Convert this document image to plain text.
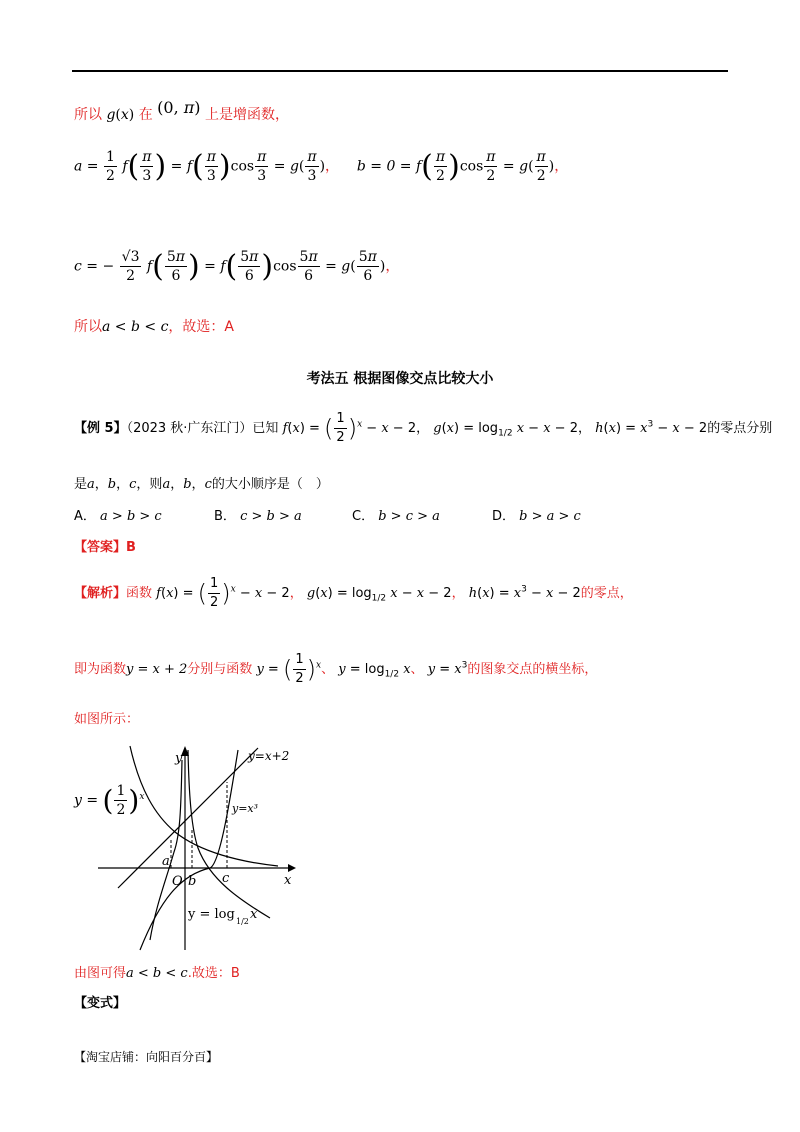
所以 g(x) 在 (0, π) 上是增函数，
$a = \frac{1}{2} f( \frac{\pi}{3}$ ) = $f( \frac{\pi}{3} )\cos \frac{\pi}{3} = g( \frac{\pi}{3}$ )，    $b = 0 = f( \frac{\pi}{2} )\cos \frac{\pi}{2} = g( \frac{\pi}{2}$ )，
c = − $\frac{√3}{2} f( \frac{5\pi}{6}$ ) = $f( \frac{5\pi}{6} )\cos \frac{5\pi}{6} = g( \frac{5\pi}{6}$ )，
所以a < b < c，故选：A
考法五 根据图像交点比较大小
【例 5】（2023 秋·广东江门）已知 f(x) = ( $\frac{1}{2} )^x - x - 2$， $g(x) = \log_{1/2} x - x - 2$， $h(x) = x^3 - x - 2$的零点分别
是a，b，c，则a，b，c的大小顺序是（　）
A． a > b > c	B． c > b > a	C． b > c > a	D． b > a > c
【答案】B
【解析】函数 f(x) = ( $\frac{1}{2} )^x - x - 2$， $g(x) = \log_{1/2} x - x - 2$， $h(x) = x^3 - x - 2$的零点，
即为函数y = x + 2分别与函数 y = ( $\frac{1}{2} )^x$、 $y = \log_{1/2} x$、 $y = x^3$的图象交点的横坐标，
如图所示：
y
x
O
a
b c
y=x+2
y=x³
y = log 1/2 x
y = ( $\frac{1}{2} )^x$
由图可得a < b < c.故选：B
【变式】
【淘宝店铺：向阳百分百】
